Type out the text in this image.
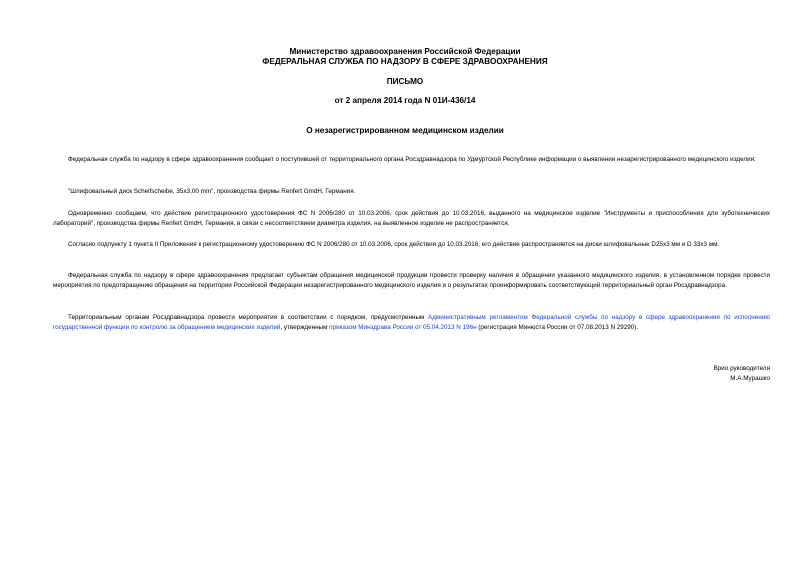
Министерство здравоохранения Российской Федерации
ФЕДЕРАЛЬНАЯ СЛУЖБА ПО НАДЗОРУ В СФЕРЕ ЗДРАВООХРАНЕНИЯ
ПИСЬМО
от 2 апреля 2014 года N 01И-436/14
О незарегистрированном медицинском изделии

Федеральная служба по надзору в сфере здравоохранения сообщает о поступившей от территориального органа Росздравнадзора по Удмуртской Республике информации о выявлении незарегистрированного медицинского изделия:

"Шлифовальный диск Scheifscheibe, 35х3,00 mm", производства фирмы Renfert GmdH, Германия.

Одновременно сообщаем, что действие регистрационного удостоверения ФС N 2006/280 от 10.03.2006, срок действия до 10.03.2016, выданного на медицинское изделие "Инструменты и приспособления для зуботехнических лабораторий", производства фирмы Renfert GmdH, Германия, в связи с несоответствием диаметра изделия, на выявленное изделие не распространяется.

Согласно подпункту 1 пункта II Приложения к регистрационному удостоверению ФС N 2006/280 от 10.03.2006, срок действия до 10.03.2016, его действие распространяется на диски шлифовальные D25x3 мм и D 33x3 мм.

Федеральная служба по надзору в сфере здравоохранения предлагает субъектам обращения медицинской продукции провести проверку наличия в обращении указанного медицинского изделия, в установленном порядке провести мероприятия по предотвращению обращения на территории Российской Федерации незарегистрированного медицинского изделия и о результатах проинформировать соответствующий территориальный орган Росздравнадзора.

Территориальным органам Росздравнадзора провести мероприятия в соответствии с порядком, предусмотренным Административным регламентом Федеральной службы по надзору в сфере здравоохранения по исполнению государственной функции по контролю за обращением медицинских изделий, утвержденным приказом Минздрава России от 05.04.2013 N 196н (регистрация Минюста России от 07.08.2013 N 29290).

Врио руководителя
М.А.Мурашко
